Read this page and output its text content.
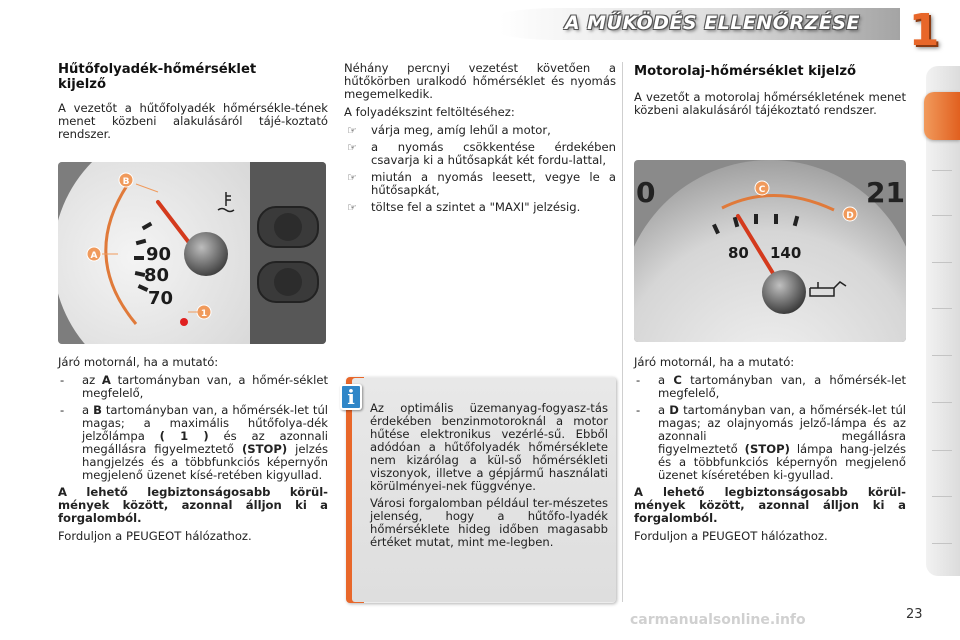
A MŰKÖDÉS ELLENŐRZÉSE 1
Hűtőfolyadék-hőmérséklet kijelző

A vezetőt a hűtőfolyadék hőmérsékle-tének menet közbeni alakulásáról tájé-koztató rendszer.

90
80
70
B
A
1

Járó motornál, ha a mutató:

- az A tartományban van, a hőmér-séklet megfelelő,
- a B tartományban van, a hőmérsék-let túl magas; a maximális hűtőfolya-dék jelzőlámpa ( 1 ) és az azonnali megállásra figyelmeztető (STOP) jelzés hangjelzés és a többfunkciós képernyőn megjelenő üzenet kísé-retében kigyullad.

A lehető legbiztonságosabb körül-mények között, azonnal álljon ki a forgalomból.

Forduljon a PEUGEOT hálózathoz.

Néhány percnyi vezetést követően a hűtőkörben uralkodó hőmérséklet és nyomás megemelkedik.

A folyadékszint feltöltéséhez:

☞ várja meg, amíg lehűl a motor,
☞ a nyomás csökkentése érdekében csavarja ki a hűtősapkát két fordu-lattal,
☞ miután a nyomás leesett, vegye le a hűtősapkát,
☞ töltse fel a szintet a "MAXI" jelzésig.
i	Az optimális üzemanyag-fogyasz-tás érdekében benzinmotoroknál a motor hűtése elektronikus vezérlé-sű. Ebből adódóan a hűtőfolyadék hőmérséklete nem kizárólag a kül-ső hőmérsékleti viszonyok, illetve a gépjármű használati körülményei-nek függvénye.

Városi forgalomban például ter-mészetes jelenség, hogy a hűtőfo-lyadék hőmérséklete hideg időben magasabb értéket mutat, mint me-legben.

Motorolaj-hőmérséklet kijelző

A vezetőt a motorolaj hőmérsékletének menet közbeni alakulásáról tájékoztató rendszer.

0	21
80 140
C
D

Járó motornál, ha a mutató:

- a C tartományban van, a hőmérsék-let megfelelő,
- a D tartományban van, a hőmérsék-let túl magas; az olajnyomás jelző-lámpa és az azonnali megállásra figyelmeztető (STOP) lámpa hang-jelzés és a többfunkciós képernyőn megjelenő üzenet kíséretében ki-gyullad.

A lehető legbiztonságosabb körül-mények között, azonnal álljon ki a forgalomból.

Forduljon a PEUGEOT hálózathoz.

carmanualsonline.info	23
